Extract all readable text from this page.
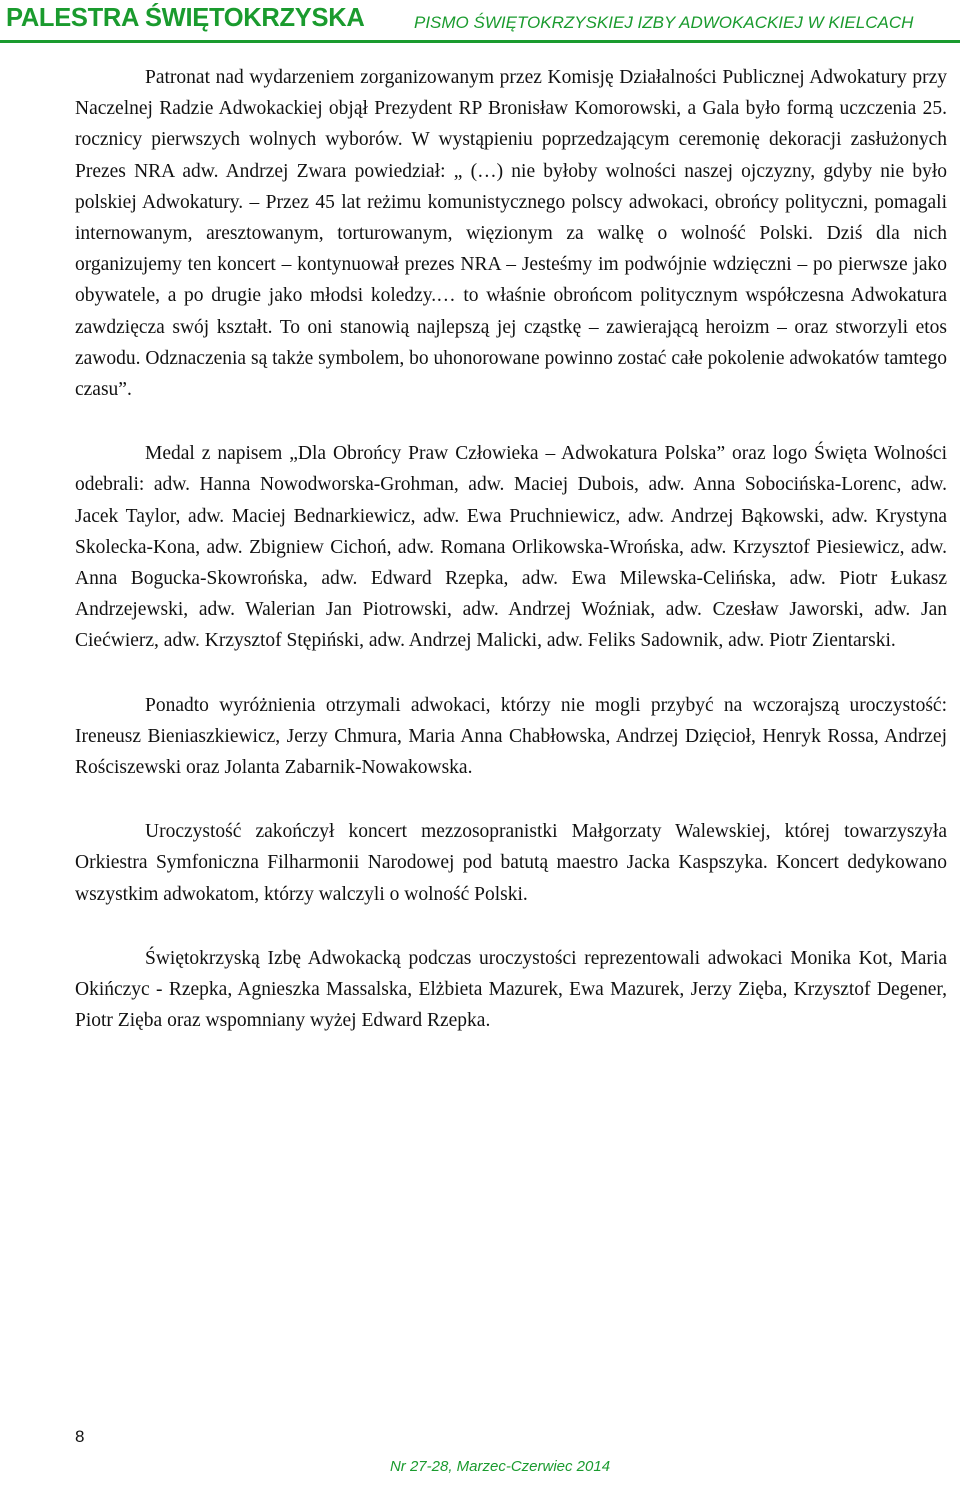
PALESTRA ŚWIĘTOKRZYSKA	PISMO ŚWIĘTOKRZYSKIEJ IZBY ADWOKACKIEJ W KIELCACH

Patronat nad wydarzeniem zorganizowanym przez Komisję Działalności Publicznej Adwokatury przy Naczelnej Radzie Adwokackiej objął Prezydent RP Bronisław Komorowski, a Gala było formą uczczenia 25. rocznicy pierwszych wolnych wyborów. W wystąpieniu poprzedzającym ceremonię dekoracji zasłużonych Prezes NRA adw. Andrzej Zwara powiedział: „ (…) nie byłoby wolności naszej ojczyzny, gdyby nie było polskiej Adwokatury. – Przez 45 lat reżimu komunistycznego polscy adwokaci, obrońcy polityczni, pomagali internowanym, aresztowanym, torturowanym, więzionym za walkę o wolność Polski. Dziś dla nich organizujemy ten koncert – kontynuował prezes NRA – Jesteśmy im podwójnie wdzięczni – po pierwsze jako obywatele, a po drugie jako młodsi koledzy.… to właśnie obrońcom politycznym współczesna Adwokatura zawdzięcza swój kształt. To oni stanowią najlepszą jej cząstkę – zawierającą heroizm – oraz stworzyli etos zawodu. Odznaczenia są także symbolem, bo uhonorowane powinno zostać całe pokolenie adwokatów tamtego czasu”.

Medal z napisem „Dla Obrońcy Praw Człowieka – Adwokatura Polska” oraz logo Święta Wolności odebrali: adw. Hanna Nowodworska-Grohman, adw. Maciej Dubois, adw. Anna Sobocińska-Lorenc, adw. Jacek Taylor, adw. Maciej Bednarkiewicz, adw. Ewa Pruchniewicz, adw. Andrzej Bąkowski, adw. Krystyna Skolecka-Kona, adw. Zbigniew Cichoń, adw. Romana Orlikowska-Wrońska, adw. Krzysztof Piesiewicz, adw. Anna Bogucka-Skowrońska, adw. Edward Rzepka, adw. Ewa Milewska-Celińska, adw. Piotr Łukasz Andrzejewski, adw. Walerian Jan Piotrowski, adw. Andrzej Woźniak, adw. Czesław Jaworski, adw. Jan Ciećwierz, adw. Krzysztof Stępiński, adw. Andrzej Malicki, adw. Feliks Sadownik, adw. Piotr Zientarski.

Ponadto wyróżnienia otrzymali adwokaci, którzy nie mogli przybyć na wczorajszą uroczystość: Ireneusz Bieniaszkiewicz, Jerzy Chmura, Maria Anna Chabłowska, Andrzej Dzięcioł, Henryk Rossa, Andrzej Rościszewski oraz Jolanta Zabarnik-Nowakowska.

Uroczystość zakończył koncert mezzosopranistki Małgorzaty Walewskiej, której towarzyszyła Orkiestra Symfoniczna Filharmonii Narodowej pod batutą maestro Jacka Kaspszyka. Koncert dedykowano wszystkim adwokatom, którzy walczyli o wolność Polski.

Świętokrzyską Izbę Adwokacką podczas uroczystości reprezentowali adwokaci Monika Kot, Maria Okińczyc - Rzepka, Agnieszka Massalska, Elżbieta Mazurek, Ewa Mazurek, Jerzy Zięba, Krzysztof Degener, Piotr Zięba oraz wspomniany wyżej Edward Rzepka.

8
Nr 27-28, Marzec-Czerwiec 2014
